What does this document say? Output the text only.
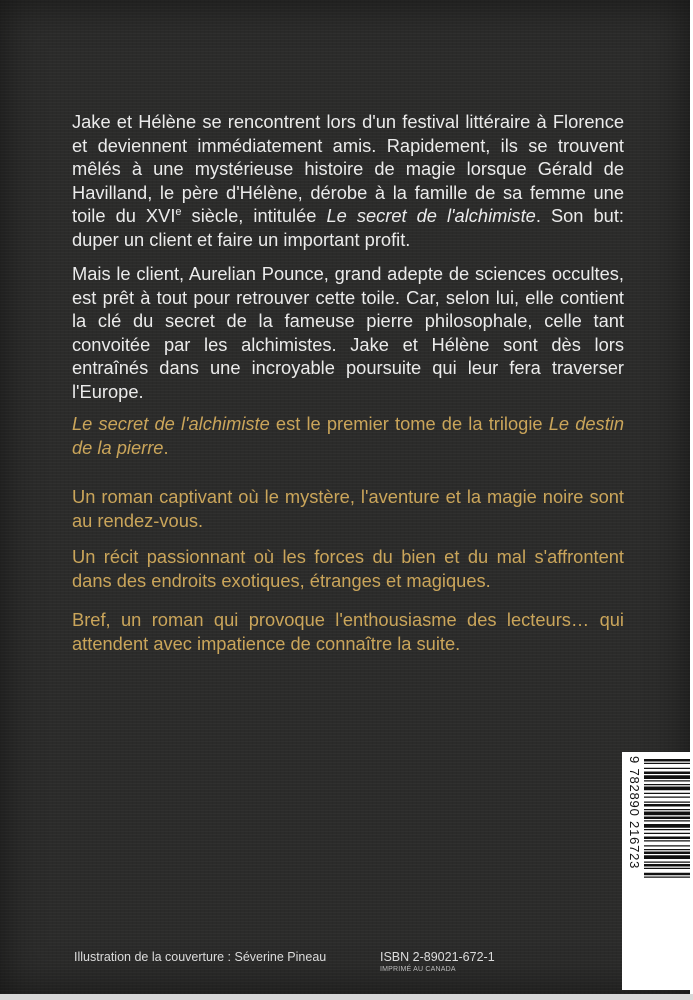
Jake et Hélène se rencontrent lors d'un festival littéraire à Florence et deviennent immédiatement amis. Rapidement, ils se trouvent mêlés à une mystérieuse histoire de magie lorsque Gérald de Havilland, le père d'Hélène, dérobe à la famille de sa femme une toile du XVIe siècle, intitulée Le secret de l'alchimiste. Son but: duper un client et faire un important profit.

Mais le client, Aurelian Pounce, grand adepte de sciences occultes, est prêt à tout pour retrouver cette toile. Car, selon lui, elle contient la clé du secret de la fameuse pierre philosophale, celle tant convoitée par les alchimistes. Jake et Hélène sont dès lors entraînés dans une incroyable poursuite qui leur fera traverser l'Europe.

Le secret de l'alchimiste est le premier tome de la trilogie Le destin de la pierre.

Un roman captivant où le mystère, l'aventure et la magie noire sont au rendez-vous.

Un récit passionnant où les forces du bien et du mal s'affrontent dans des endroits exotiques, étranges et magiques.

Bref, un roman qui provoque l'enthousiasme des lecteurs… qui attendent avec impatience de connaître la suite.

9 782890 216723

Illustration de la couverture : Séverine Pineau	ISBN 2-89021-672-1

IMPRIMÉ AU CANADA
